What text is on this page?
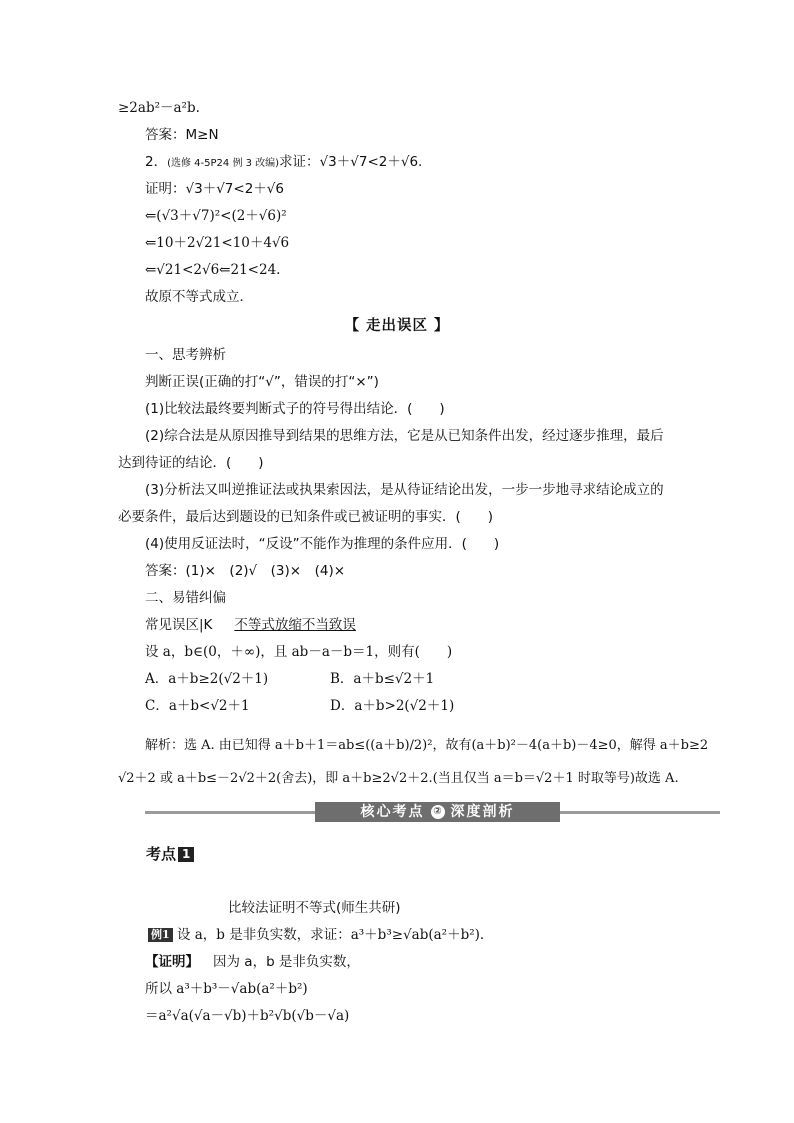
≥2ab²－a²b.
答案：M≥N
2．(选修 4-5P24 例 3 改编)求证：√3＋√7<2＋√6.
证明：√3＋√7<2＋√6
⇐(√3＋√7)²<(2＋√6)²
⇐10＋2√21<10＋4√6
⇐√21<2√6⇐21<24.
故原不等式成立．
【 走出误区 】
一、思考辨析
判断正误(正确的打“√”，错误的打“×”)
(1)比较法最终要判断式子的符号得出结论．(　　)
(2)综合法是从原因推导到结果的思维方法，它是从已知条件出发，经过逐步推理，最后
达到待证的结论．(　　)
(3)分析法又叫逆推证法或执果索因法，是从待证结论出发，一步一步地寻求结论成立的
必要条件，最后达到题设的已知条件或已被证明的事实．(　　)
(4)使用反证法时，“反设”不能作为推理的条件应用．(　　)
答案：(1)×　(2)√　(3)×　(4)×
二、易错纠偏
常见误区|K 不等式放缩不当致误
设 a，b∈(0，＋∞)，且 ab－a－b＝1，则有(　　)
A．a＋b≥2(√2＋1)	B．a＋b≤√2＋1
C．a＋b<√2＋1	D．a＋b>2(√2＋1)
解析：选 A. 由已知得 a＋b＋1＝ab≤((a＋b)/2)²，故有(a＋b)²－4(a＋b)－4≥0，解得 a＋b≥2
√2＋2 或 a＋b≤－2√2＋2(舍去)，即 a＋b≥2√2＋2.(当且仅当 a＝b＝√2＋1 时取等号)故选 A.
核心考点 ② 深度剖析
考点 1
比较法证明不等式(师生共研)
例1 设 a，b 是非负实数，求证：a³＋b³≥√ab(a²＋b²)．
【证明】 因为 a，b 是非负实数，
所以 a³＋b³－√ab(a²＋b²)
＝a²√a(√a－√b)＋b²√b(√b－√a)
